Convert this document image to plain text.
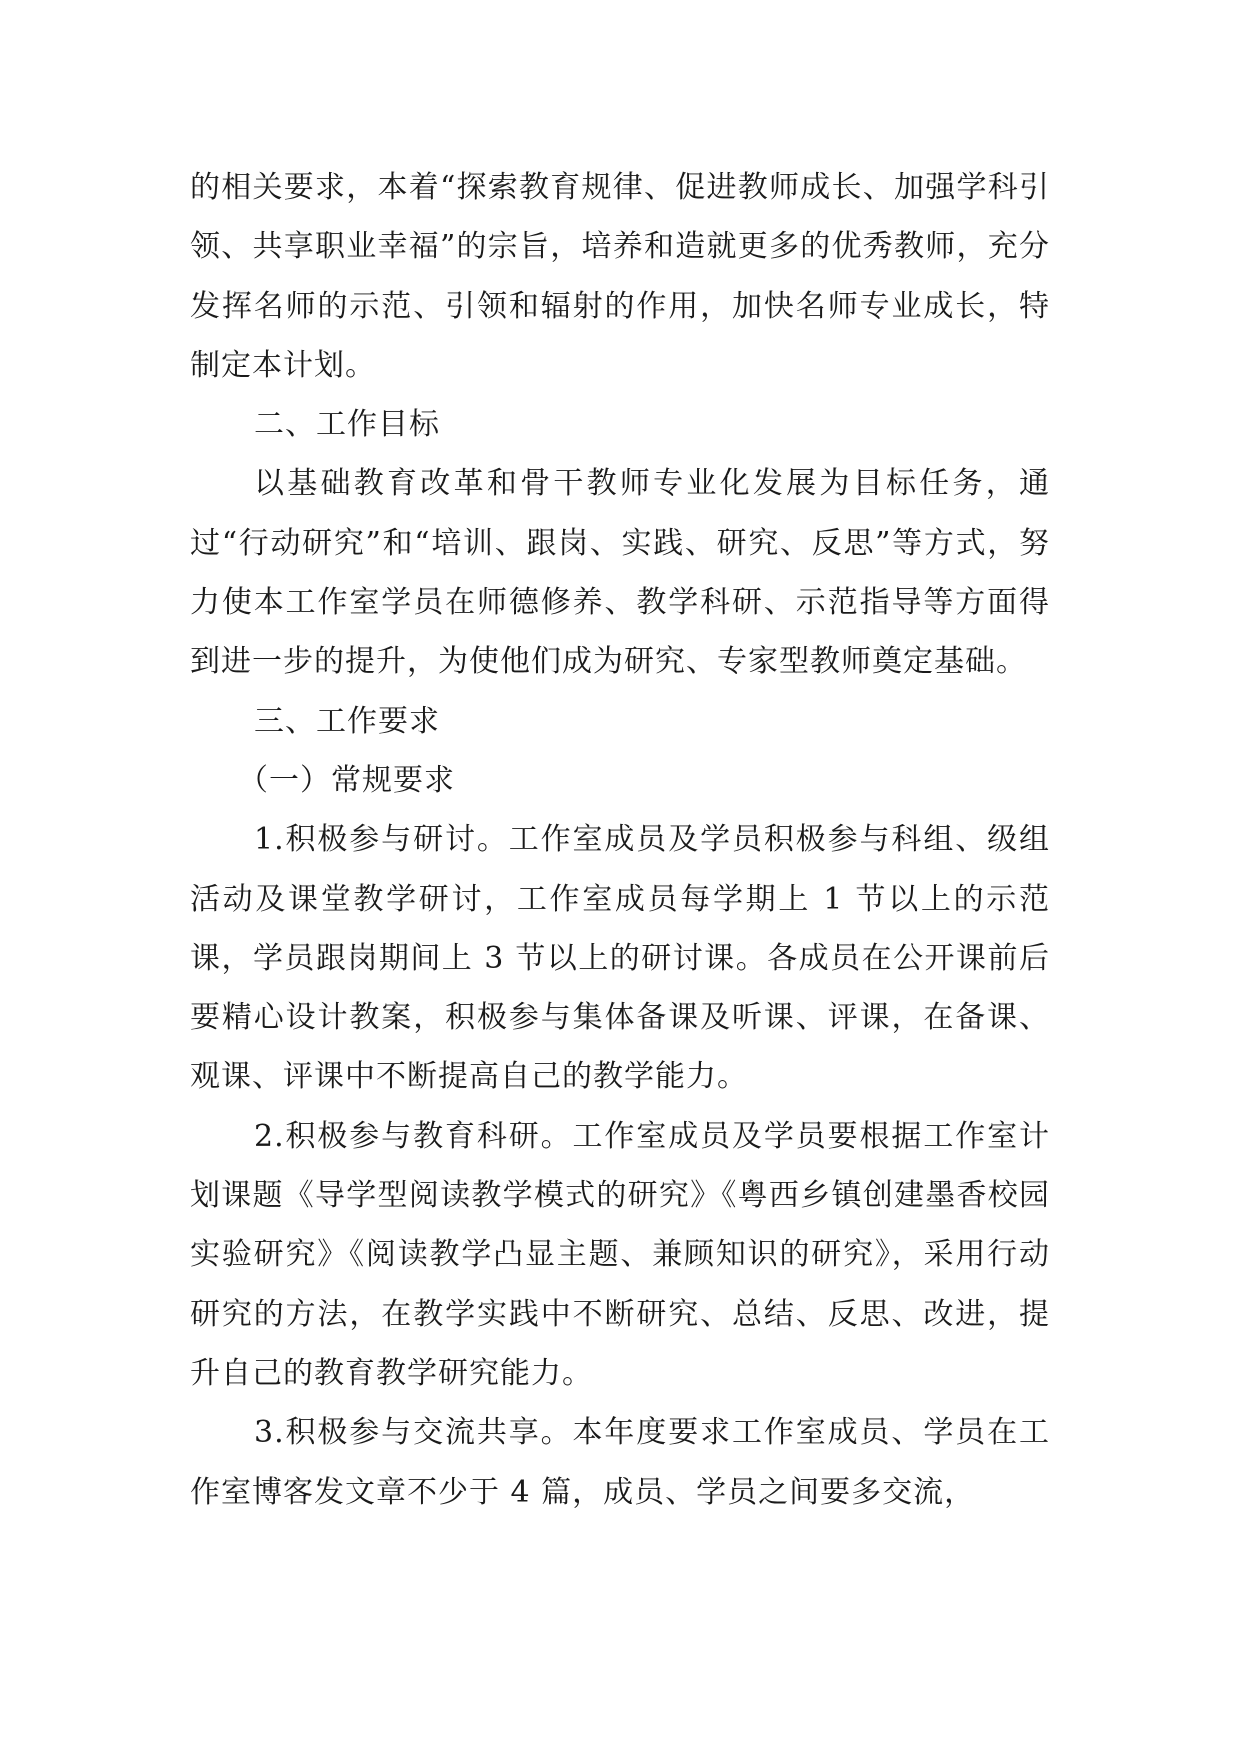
的相关要求，本着“探索教育规律、促进教师成长、加强学科引领、共享职业幸福”的宗旨，培养和造就更多的优秀教师，充分发挥名师的示范、引领和辐射的作用，加快名师专业成长，特制定本计划。

二、工作目标

以基础教育改革和骨干教师专业化发展为目标任务，通过“行动研究”和“培训、跟岗、实践、研究、反思”等方式，努力使本工作室学员在师德修养、教学科研、示范指导等方面得到进一步的提升，为使他们成为研究、专家型教师奠定基础。

三、工作要求

（一）常规要求

1.积极参与研讨。工作室成员及学员积极参与科组、级组活动及课堂教学研讨，工作室成员每学期上 1 节以上的示范课，学员跟岗期间上 3 节以上的研讨课。各成员在公开课前后要精心设计教案，积极参与集体备课及听课、评课，在备课、观课、评课中不断提高自己的教学能力。

2.积极参与教育科研。工作室成员及学员要根据工作室计划课题《导学型阅读教学模式的研究》《粤西乡镇创建墨香校园实验研究》《阅读教学凸显主题、兼顾知识的研究》，采用行动研究的方法，在教学实践中不断研究、总结、反思、改进，提升自己的教育教学研究能力。

3.积极参与交流共享。本年度要求工作室成员、学员在工作室博客发文章不少于 4 篇，成员、学员之间要多交流，
